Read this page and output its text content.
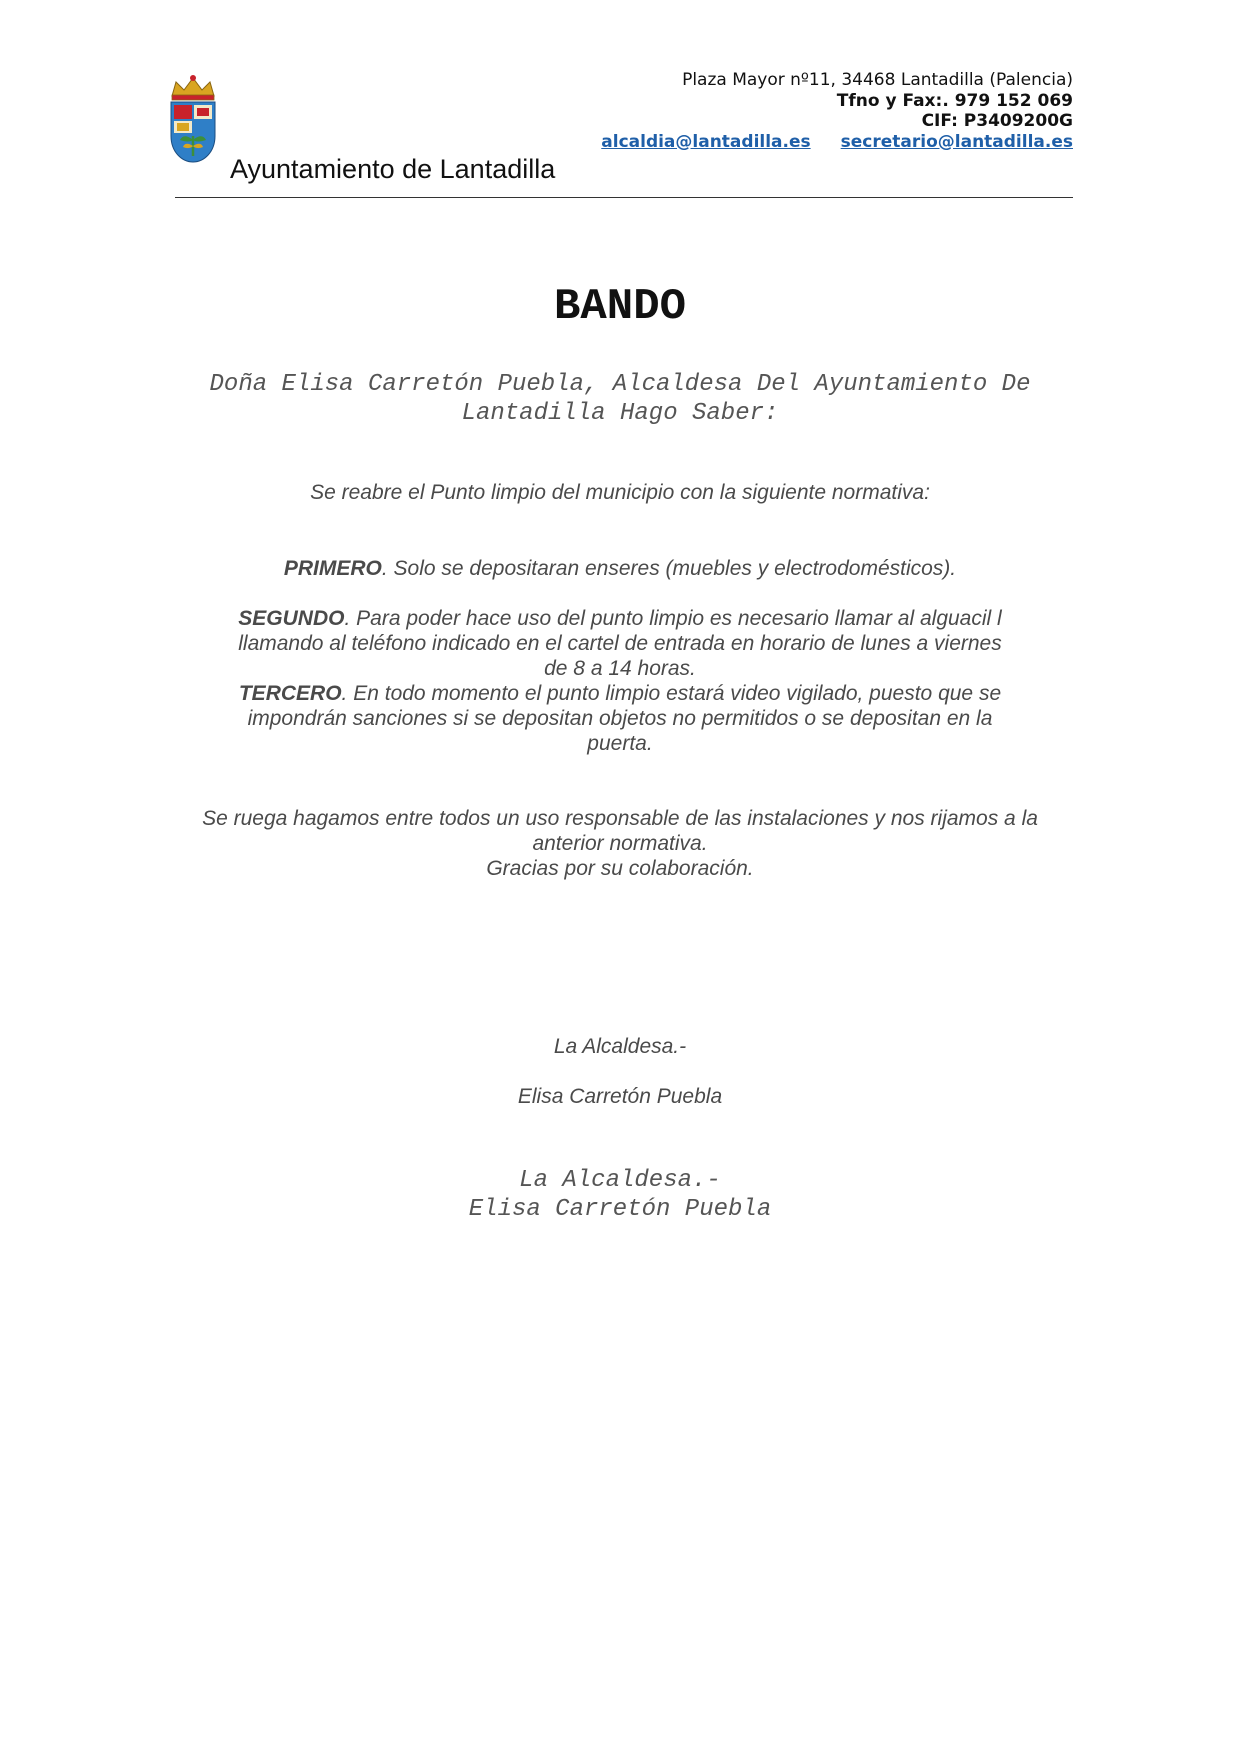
Ayuntamiento de Lantadilla
Plaza Mayor nº11, 34468 Lantadilla (Palencia)
Tfno y Fax:. 979 152 069
CIF: P3409200G
alcaldia@lantadilla.es secretario@lantadilla.es
BANDO
Doña Elisa Carretón Puebla, Alcaldesa Del Ayuntamiento De
Lantadilla Hago Saber:
Se reabre el Punto limpio del municipio con la siguiente normativa:
PRIMERO. Solo se depositaran enseres (muebles y electrodomésticos).
SEGUNDO. Para poder hace uso del punto limpio es necesario llamar al alguacil l
llamando al teléfono indicado en el cartel de entrada en horario de lunes a viernes
de 8 a 14 horas.
TERCERO. En todo momento el punto limpio estará video vigilado, puesto que se
impondrán sanciones si se depositan objetos no permitidos o se depositan en la
puerta.
Se ruega hagamos entre todos un uso responsable de las instalaciones y nos rijamos a la
anterior normativa.
Gracias por su colaboración.
La Alcaldesa.-
Elisa Carretón Puebla
La Alcaldesa.-
Elisa Carretón Puebla
